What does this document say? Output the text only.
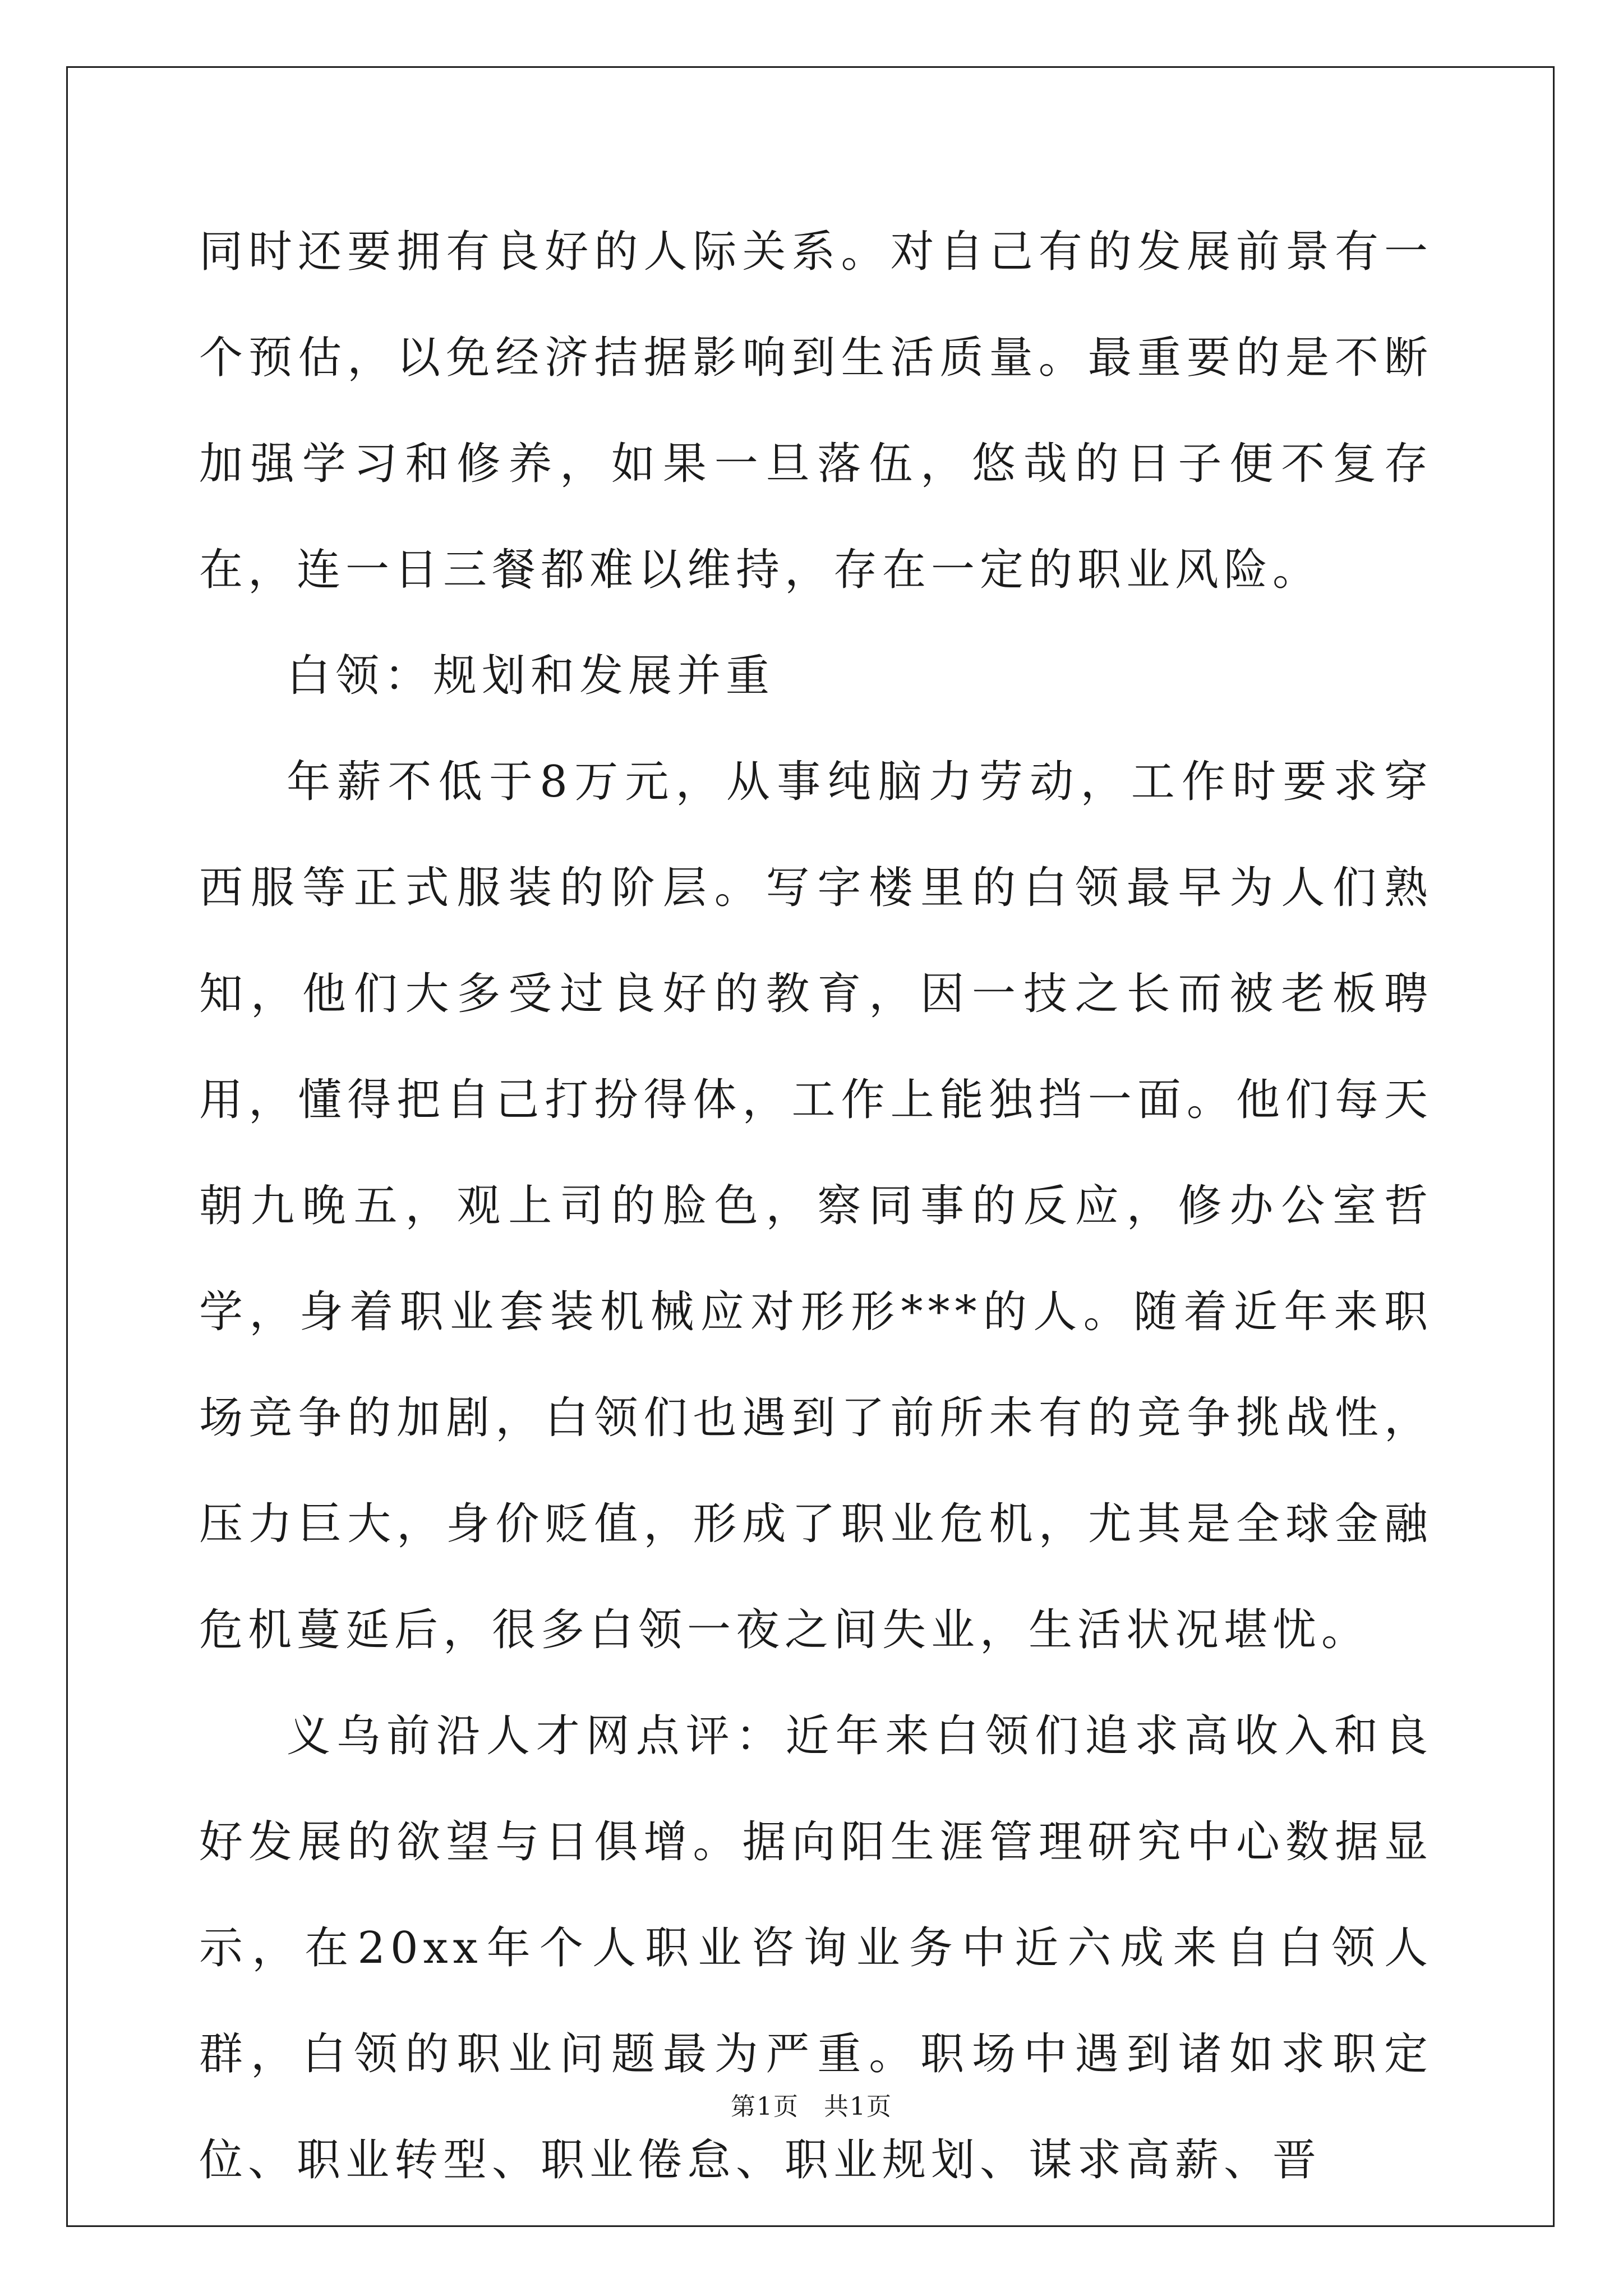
同时还要拥有良好的人际关系。对自己有的发展前景有一个预估，以免经济拮据影响到生活质量。最重要的是不断加强学习和修养，如果一旦落伍，悠哉的日子便不复存在，连一日三餐都难以维持，存在一定的职业风险。

白领：规划和发展并重

年薪不低于8万元，从事纯脑力劳动，工作时要求穿西服等正式服装的阶层。写字楼里的白领最早为人们熟知，他们大多受过良好的教育，因一技之长而被老板聘用，懂得把自己打扮得体，工作上能独挡一面。他们每天朝九晚五，观上司的脸色，察同事的反应，修办公室哲学，身着职业套装机械应对形形***的人。随着近年来职场竞争的加剧，白领们也遇到了前所未有的竞争挑战性，压力巨大，身价贬值，形成了职业危机，尤其是全球金融危机蔓延后，很多白领一夜之间失业，生活状况堪忧。

义乌前沿人才网点评：近年来白领们追求高收入和良好发展的欲望与日俱增。据向阳生涯管理研究中心数据显示，在20xx年个人职业咨询业务中近六成来自白领人群，白领的职业问题最为严重。职场中遇到诸如求职定位、职业转型、职业倦怠、职业规划、谋求高薪、晋

第1页 共1页
